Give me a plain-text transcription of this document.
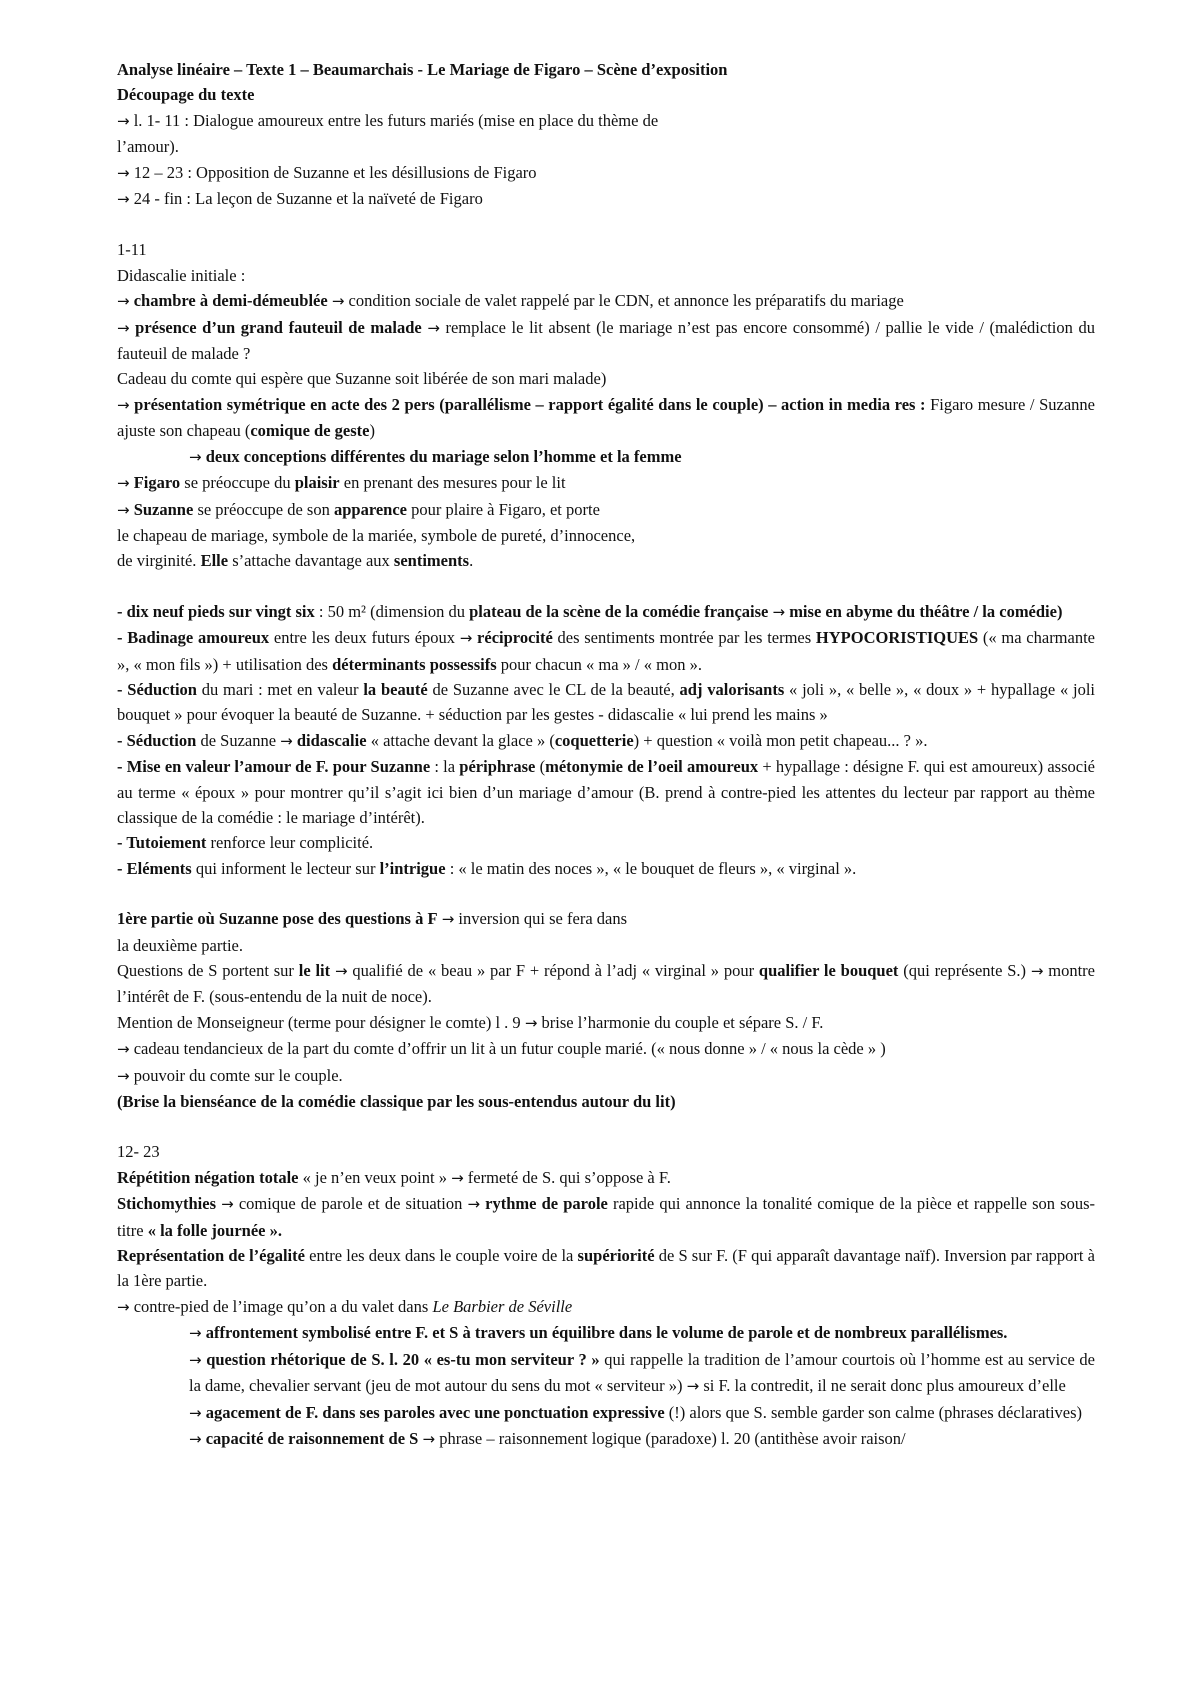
Analyse linéaire – Texte 1 – Beaumarchais - Le Mariage de Figaro – Scène d’exposition

Découpage du texte

→ l. 1- 11 : Dialogue amoureux entre les futurs mariés (mise en place du thème de

l’amour).

→ 12 – 23 : Opposition de Suzanne et les désillusions de Figaro

→ 24 - fin : La leçon de Suzanne et la naïveté de Figaro

1-11

Didascalie initiale :

→ chambre à demi-démeublée → condition sociale de valet rappelé par le CDN, et annonce les préparatifs du mariage

→ présence d’un grand fauteuil de malade → remplace le lit absent (le mariage n’est pas encore consommé) / pallie le vide / (malédiction du fauteuil de malade ?

Cadeau du comte qui espère que Suzanne soit libérée de son mari malade)

→ présentation symétrique en acte des 2 pers (parallélisme – rapport égalité dans le couple) – action in media res : Figaro mesure / Suzanne ajuste son chapeau (comique de geste)

→ deux conceptions différentes du mariage selon l’homme et la femme

→ Figaro se préoccupe du plaisir en prenant des mesures pour le lit

→ Suzanne se préoccupe de son apparence pour plaire à Figaro, et porte

le chapeau de mariage, symbole de la mariée, symbole de pureté, d’innocence,

de virginité. Elle s’attache davantage aux sentiments.

- dix neuf pieds sur vingt six : 50 m² (dimension du plateau de la scène de la comédie française → mise en abyme du théâtre / la comédie)

- Badinage amoureux entre les deux futurs époux → réciprocité des sentiments montrée par les termes HYPOCORISTIQUES (« ma charmante », « mon fils ») + utilisation des déterminants possessifs pour chacun « ma » / « mon ».

- Séduction du mari : met en valeur la beauté de Suzanne avec le CL de la beauté, adj valorisants « joli », « belle », « doux » + hypallage « joli bouquet » pour évoquer la beauté de Suzanne. + séduction par les gestes - didascalie « lui prend les mains »

- Séduction de Suzanne → didascalie « attache devant la glace » (coquetterie) + question « voilà mon petit chapeau... ? ».

- Mise en valeur l’amour de F. pour Suzanne : la périphrase (métonymie de l’oeil amoureux + hypallage : désigne F. qui est amoureux) associé au terme « époux » pour montrer qu’il s’agit ici bien d’un mariage d’amour (B. prend à contre-pied les attentes du lecteur par rapport au thème classique de la comédie : le mariage d’intérêt).

- Tutoiement renforce leur complicité.

- Eléments qui informent le lecteur sur l’intrigue : « le matin des noces », « le bouquet de fleurs », « virginal ».

1ère partie où Suzanne pose des questions à F → inversion qui se fera dans

la deuxième partie.

Questions de S portent sur le lit → qualifié de « beau » par F + répond à l’adj « virginal » pour qualifier le bouquet (qui représente S.) → montre l’intérêt de F. (sous-entendu de la nuit de noce).

Mention de Monseigneur (terme pour désigner le comte) l . 9 → brise l’harmonie du couple et sépare S. / F.

→ cadeau tendancieux de la part du comte d’offrir un lit à un futur couple marié. (« nous donne » / « nous la cède » )

→ pouvoir du comte sur le couple.

(Brise la bienséance de la comédie classique par les sous-entendus autour du lit)

12- 23

Répétition négation totale « je n’en veux point » → fermeté de S. qui s’oppose à F.

Stichomythies → comique de parole et de situation → rythme de parole rapide qui annonce la tonalité comique de la pièce et rappelle son sous-titre « la folle journée ».

Représentation de l’égalité entre les deux dans le couple voire de la supériorité de S sur F. (F qui apparaît davantage naïf). Inversion par rapport à la 1ère partie.

→ contre-pied de l’image qu’on a du valet dans Le Barbier de Séville

→ affrontement symbolisé entre F. et S à travers un équilibre dans le volume de parole et de nombreux parallélismes.

→ question rhétorique de S. l. 20 « es-tu mon serviteur ? » qui rappelle la tradition de l’amour courtois où l’homme est au service de la dame, chevalier servant (jeu de mot autour du sens du mot « serviteur ») → si F. la contredit, il ne serait donc plus amoureux d’elle

→ agacement de F. dans ses paroles avec une ponctuation expressive (!) alors que S. semble garder son calme (phrases déclaratives)

→ capacité de raisonnement de S → phrase – raisonnement logique (paradoxe) l. 20 (antithèse avoir raison/
